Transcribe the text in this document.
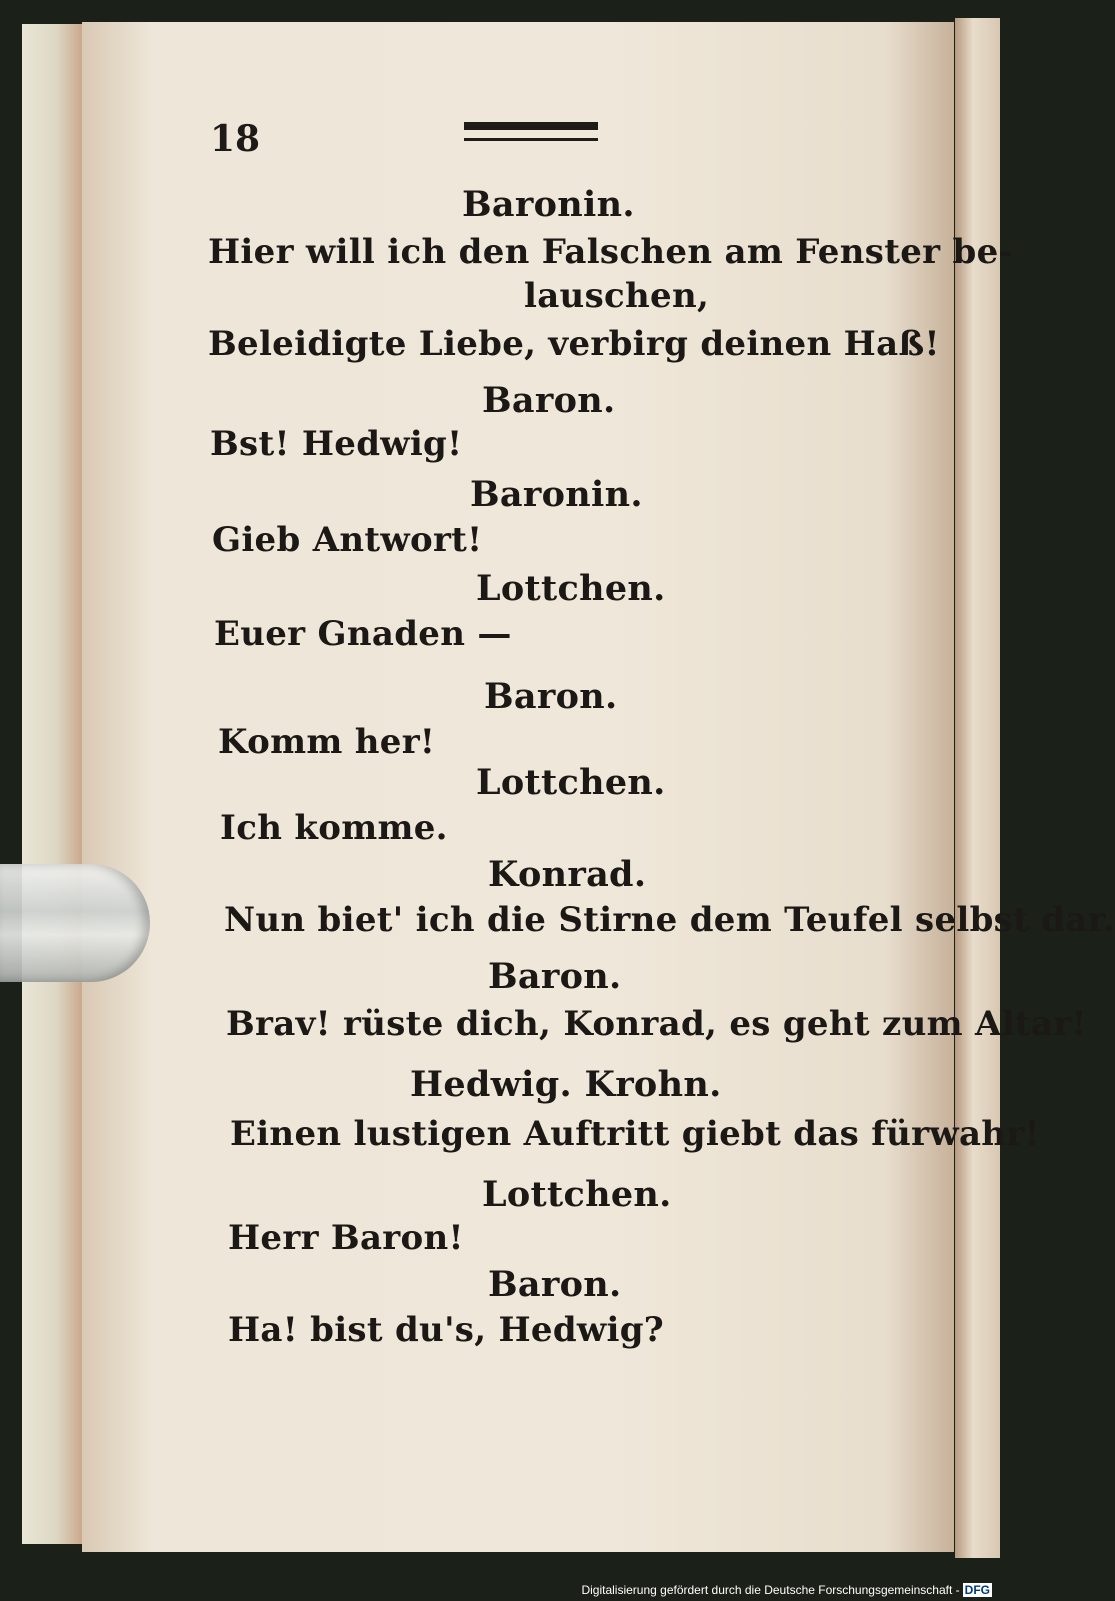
18
Baronin.
Hier will ich den Falschen am Fenster be-
lauschen,
Beleidigte Liebe, verbirg deinen Haß!
Baron.
Bst! Hedwig!
Baronin.
Gieb Antwort!
Lottchen.
Euer Gnaden —
Baron.
Komm her!
Lottchen.
Ich komme.
Konrad.
Nun biet' ich die Stirne dem Teufel selbst dar.
Baron.
Brav! rüste dich, Konrad, es geht zum Altar!
Hedwig. Krohn.
Einen lustigen Auftritt giebt das fürwahr!
Lottchen.
Herr Baron!
Baron.
Ha! bist du's, Hedwig?
Digitalisierung gefördert durch die Deutsche Forschungsgemeinschaft - DFG
